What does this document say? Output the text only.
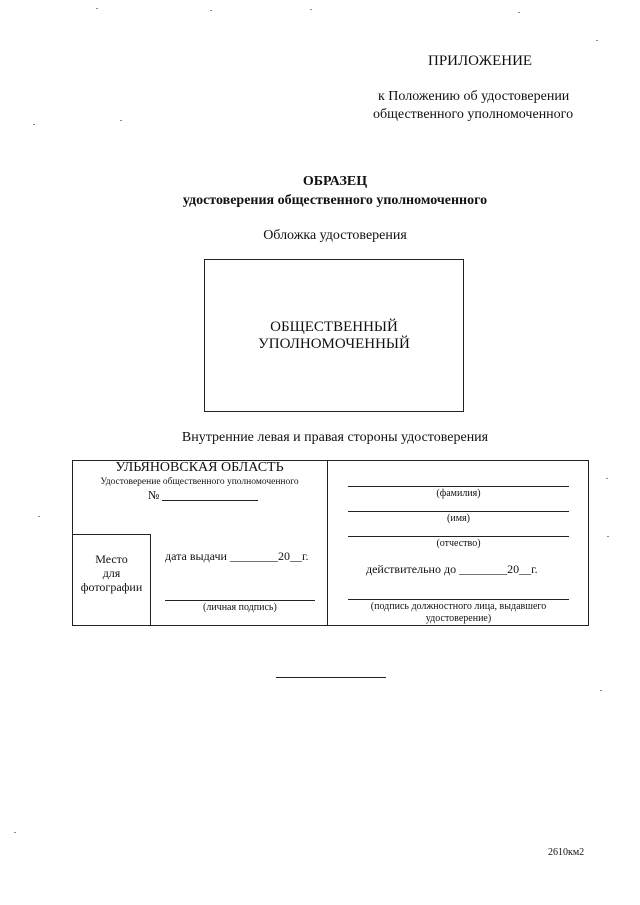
ПРИЛОЖЕНИЕ
к Положению об удостоверении
общественного уполномоченного
ОБРАЗЕЦ
удостоверения общественного уполномоченного
Обложка удостоверения
ОБЩЕСТВЕННЫЙ
УПОЛНОМОЧЕННЫЙ
Внутренние левая и правая стороны удостоверения
УЛЬЯНОВСКАЯ ОБЛАСТЬ
Удостоверение общественного уполномоченного
№
Место
для
фотографии
дата выдачи ________20__г.
(личная подпись)
(фамилия)
(имя)
(отчество)
действительно до ________20__г.
(подпись должностного лица, выдавшего
удостоверение)
2610км2
